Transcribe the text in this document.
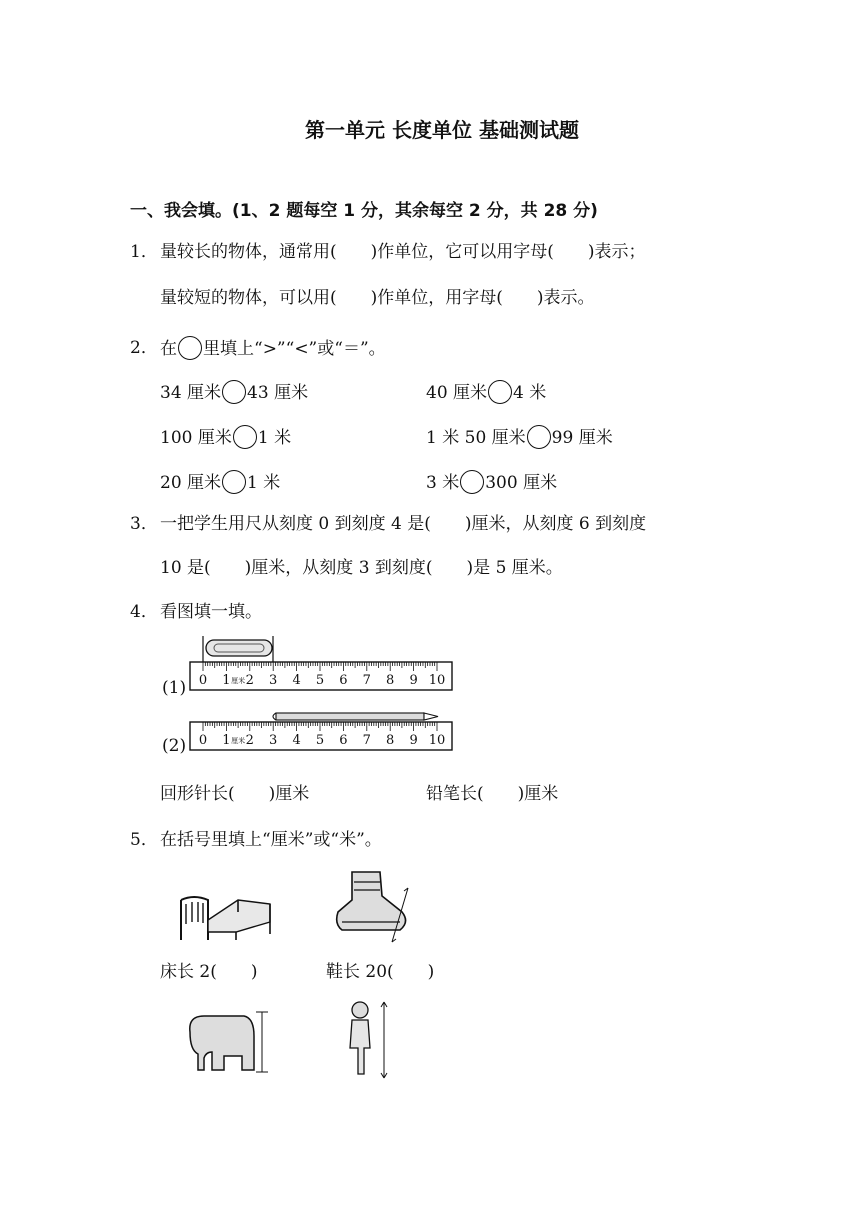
第一单元 长度单位 基础测试题
一、我会填。(1、2 题每空 1 分，其余每空 2 分，共 28 分)
1． 量较长的物体，通常用(　　)作单位，它可以用字母(　　)表示；
量较短的物体，可以用(　　)作单位，用字母(　　)表示。
2． 在 里填上“>”“<”或“＝”。
34 厘米 43 厘米	40 厘米 4 米
100 厘米 1 米	1 米 50 厘米 99 厘米
20 厘米 1 米	3 米 300 厘米
3． 一把学生用尺从刻度 0 到刻度 4 是(　　)厘米，从刻度 6 到刻度
10 是(　　)厘米，从刻度 3 到刻度(　　)是 5 厘米。
4． 看图填一填。
(1)
(2)
0 1 2 3 4 5 6 7 8 9 10
厘米
0 1 2 3 4 5 6 7 8 9 10
厘米
回形针长(　　)厘米	铅笔长(　　)厘米
5． 在括号里填上“厘米”或“米”。
床长 2(　　)	鞋长 20(　　)
